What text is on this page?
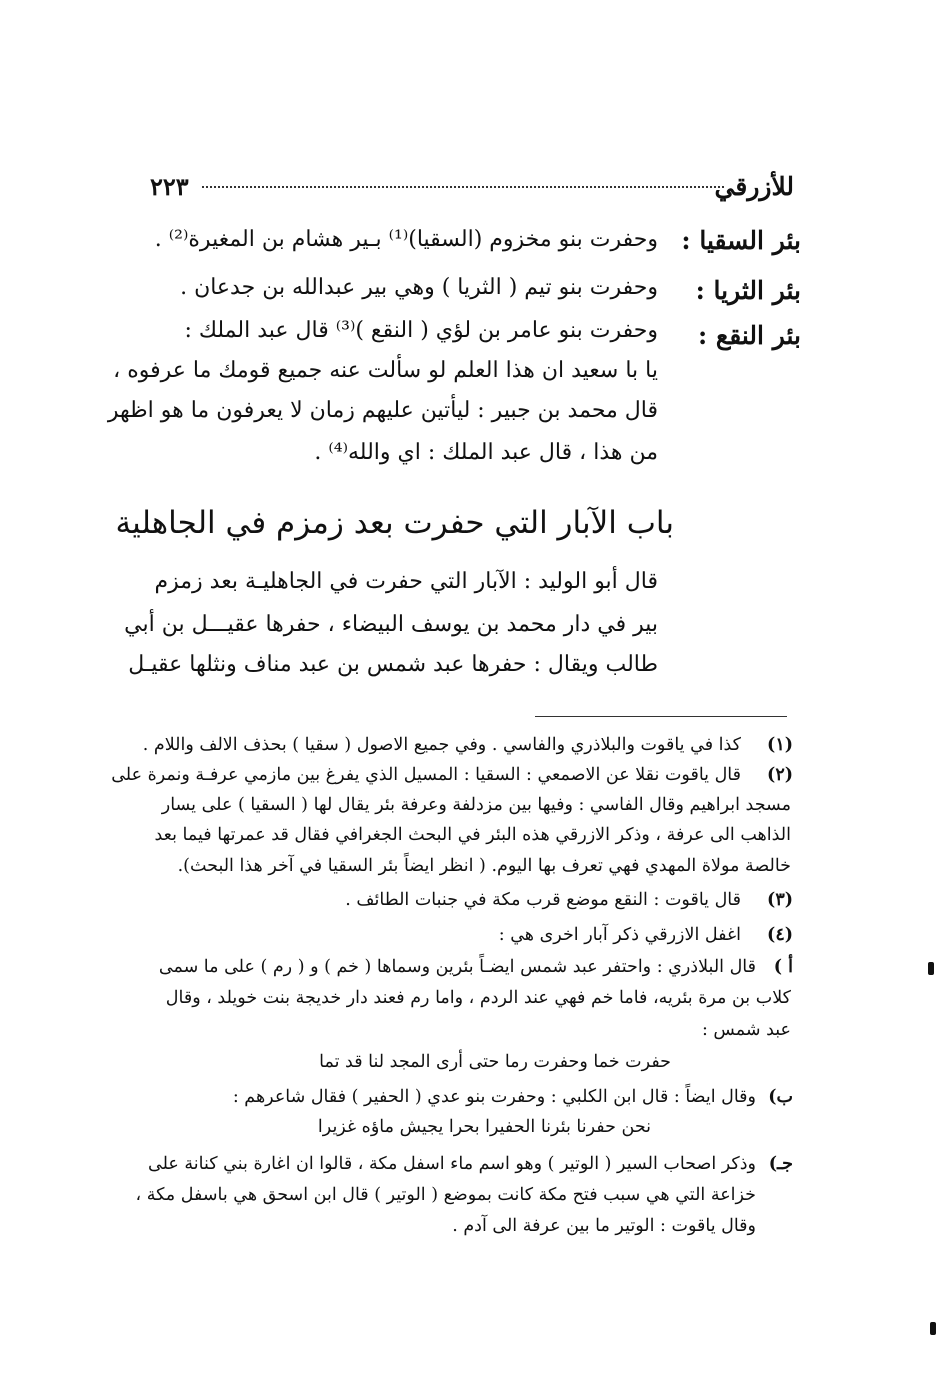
للأزرقي
٢٢٣
بئر السقيا :
وحفرت بنو مخزوم (السقيا)⁽¹⁾ بـير هشام بن المغيرة⁽²⁾ .
بئر الثريا :
وحفرت بنو تيم ( الثريا ) وهي بير عبدالله بن جدعان .
بئر النقع :
وحفرت بنو عامر بن لؤي ( النقع )⁽³⁾ قال عبد الملك :
يا با سعيد ان هذا العلم لو سألت عنه جميع قومك ما عرفوه ،
قال محمد بن جبير : ليأتين عليهم زمان لا يعرفون ما هو اظهر
من هذا ، قال عبد الملك : اي والله⁽⁴⁾ .
باب الآبار التي حفرت بعد زمزم في الجاهلية
قال أبو الوليد : الآبار التي حفرت في الجاهليـة بعد زمزم
بير في دار محمد بن يوسف البيضاء ، حفرها عقيـــل بن أبي
طالب ويقال : حفرها عبد شمس بن عبد مناف ونثلها عقيـل
(١)
كذا في ياقوت والبلاذري والفاسي . وفي جميع الاصول ( سقيا ) بحذف الالف واللام .
(٢)
قال ياقوت نقلا عن الاصمعي : السقيا : المسيل الذي يفرغ بين مازمي عرفـة ونمرة على
مسجد ابراهيم وقال الفاسي : وفيها بين مزدلفة وعرفة بئر يقال لها ( السقيا ) على يسار
الذاهب الى عرفة ، وذكر الازرقي هذه البئر في البحث الجغرافي فقال قد عمرتها فيما بعد
خالصة مولاة المهدي فهي تعرف بها اليوم. ( انظر ايضاً بئر السقيا في آخر هذا البحث).
(٣)
قال ياقوت : النقع موضع قرب مكة في جنبات الطائف .
(٤)
اغفل الازرقي ذكر آبار اخرى هي :
أ )
قال البلاذري : واحتفر عبد شمس ايضـاً بئرين وسماها ( خم ) و ( رم ) على ما سمى
كلاب بن مرة بئريه، فاما خم فهي عند الردم ، واما رم فعند دار خديجة بنت خويلد ، وقال
عبد شمس :
حفرت خما وحفرت رما حتى أرى المجد لنا قد تما
ب)
وقال ايضاً : قال ابن الكلبي : وحفرت بنو عدي ( الحفير ) فقال شاعرهم :
نحن حفرنا بئرنا الحفيرا بحرا يجيش ماؤه غزيرا
جـ)
وذكر اصحاب السير ( الوتير ) وهو اسم ماء اسفل مكة ، قالوا ان اغارة بني كنانة على
خزاعة التي هي سبب فتح مكة كانت بموضع ( الوتير ) قال ابن اسحق هي باسفل مكة ،
وقال ياقوت : الوتير ما بين عرفة الى آدم .
